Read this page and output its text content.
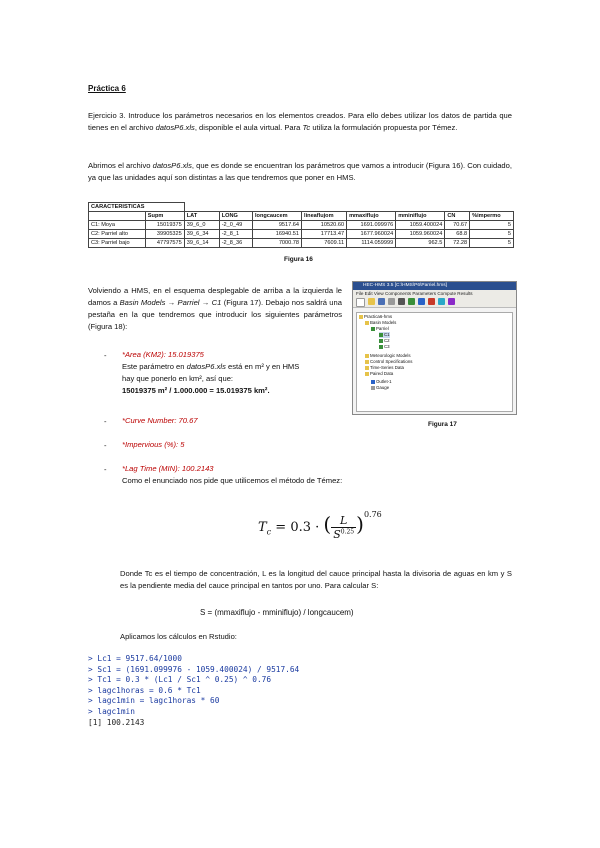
Práctica 6
Ejercicio 3. Introduce los parámetros necesarios en los elementos creados. Para ello debes utilizar los datos de partida que tienes en el archivo datosP6.xls, disponible el aula virtual. Para Tc utiliza la formulación propuesta por Témez.
Abrimos el archivo datosP6.xls, que es donde se encuentran los parámetros que vamos a introducir (Figura 16). Con cuidado, ya que las unidades aquí son distintas a las que tendremos que poner en HMS.
CARACTERISTICAS									
	Supm	LAT	LONG	longcaucem	lineaflujom	mmaxiflujo	mminiflujo	CN	%impermo
C1: Moya	15019375	39_6_0	-2_0_49	9517.64	10520.60	1691.099976	1059.400024	70.67	5
C2: Parriel alto	39905325	39_6_34	-2_8_1	16940.51	17713.47	1677.960024	1059.960024	68.8	5
C3: Parriel bajo	47797575	39_6_14	-2_8_36	7000.78	7609.11	1114.059999	962.5	72.28	5
Figura 16
Volviendo a HMS, en el esquema desplegable de arriba a la izquierda le damos a Basin Models → Parriel → C1 (Figura 17). Debajo nos saldrá una pestaña en la que tendremos que introducir los siguientes parámetros (Figura 18):
HEC-HMS 3.5 [C:\HMS\P6\Parriel.hms]
File Edit View Components Parameters Compute Results
Practica6-hms
Basin Models
Parriel
C1
C2
C3
Meteorologic Models
Control Specifications
Time-Series Data
Paired Data
Outlet-1
Gauge
Figura 17
- *Area (KM2): 15.019375
Este parámetro en datosP6.xls está en m² y en HMS
hay que ponerlo en km², así que:
15019375 m² / 1.000.000 = 15.019375 km².
- *Curve Number: 70.67
- *Impervious (%): 5
- *Lag Time (MIN): 100.2143
Como el enunciado nos pide que utilicemos el método de Témez:
$T_c = 0.3$ · ( $\frac{L}{S^{0.25}} )^{0.76}$
Donde Tc es el tiempo de concentración, L es la longitud del cauce principal hasta la divisoria de aguas en km y S es la pendiente media del cauce principal en tantos por uno. Para calcular S:
S = (mmaxiflujo - mminiflujo) / longcaucem)
Aplicamos los cálculos en Rstudio:
> Lc1 = 9517.64/1000
> Sc1 = (1691.099976 - 1059.400024) / 9517.64
> Tc1 = 0.3 * (Lc1 / Sc1 ^ 0.25) ^ 0.76
> lagc1horas = 0.6 * Tc1
> lagc1min = lagc1horas * 60
> lagc1min
[1] 100.2143
